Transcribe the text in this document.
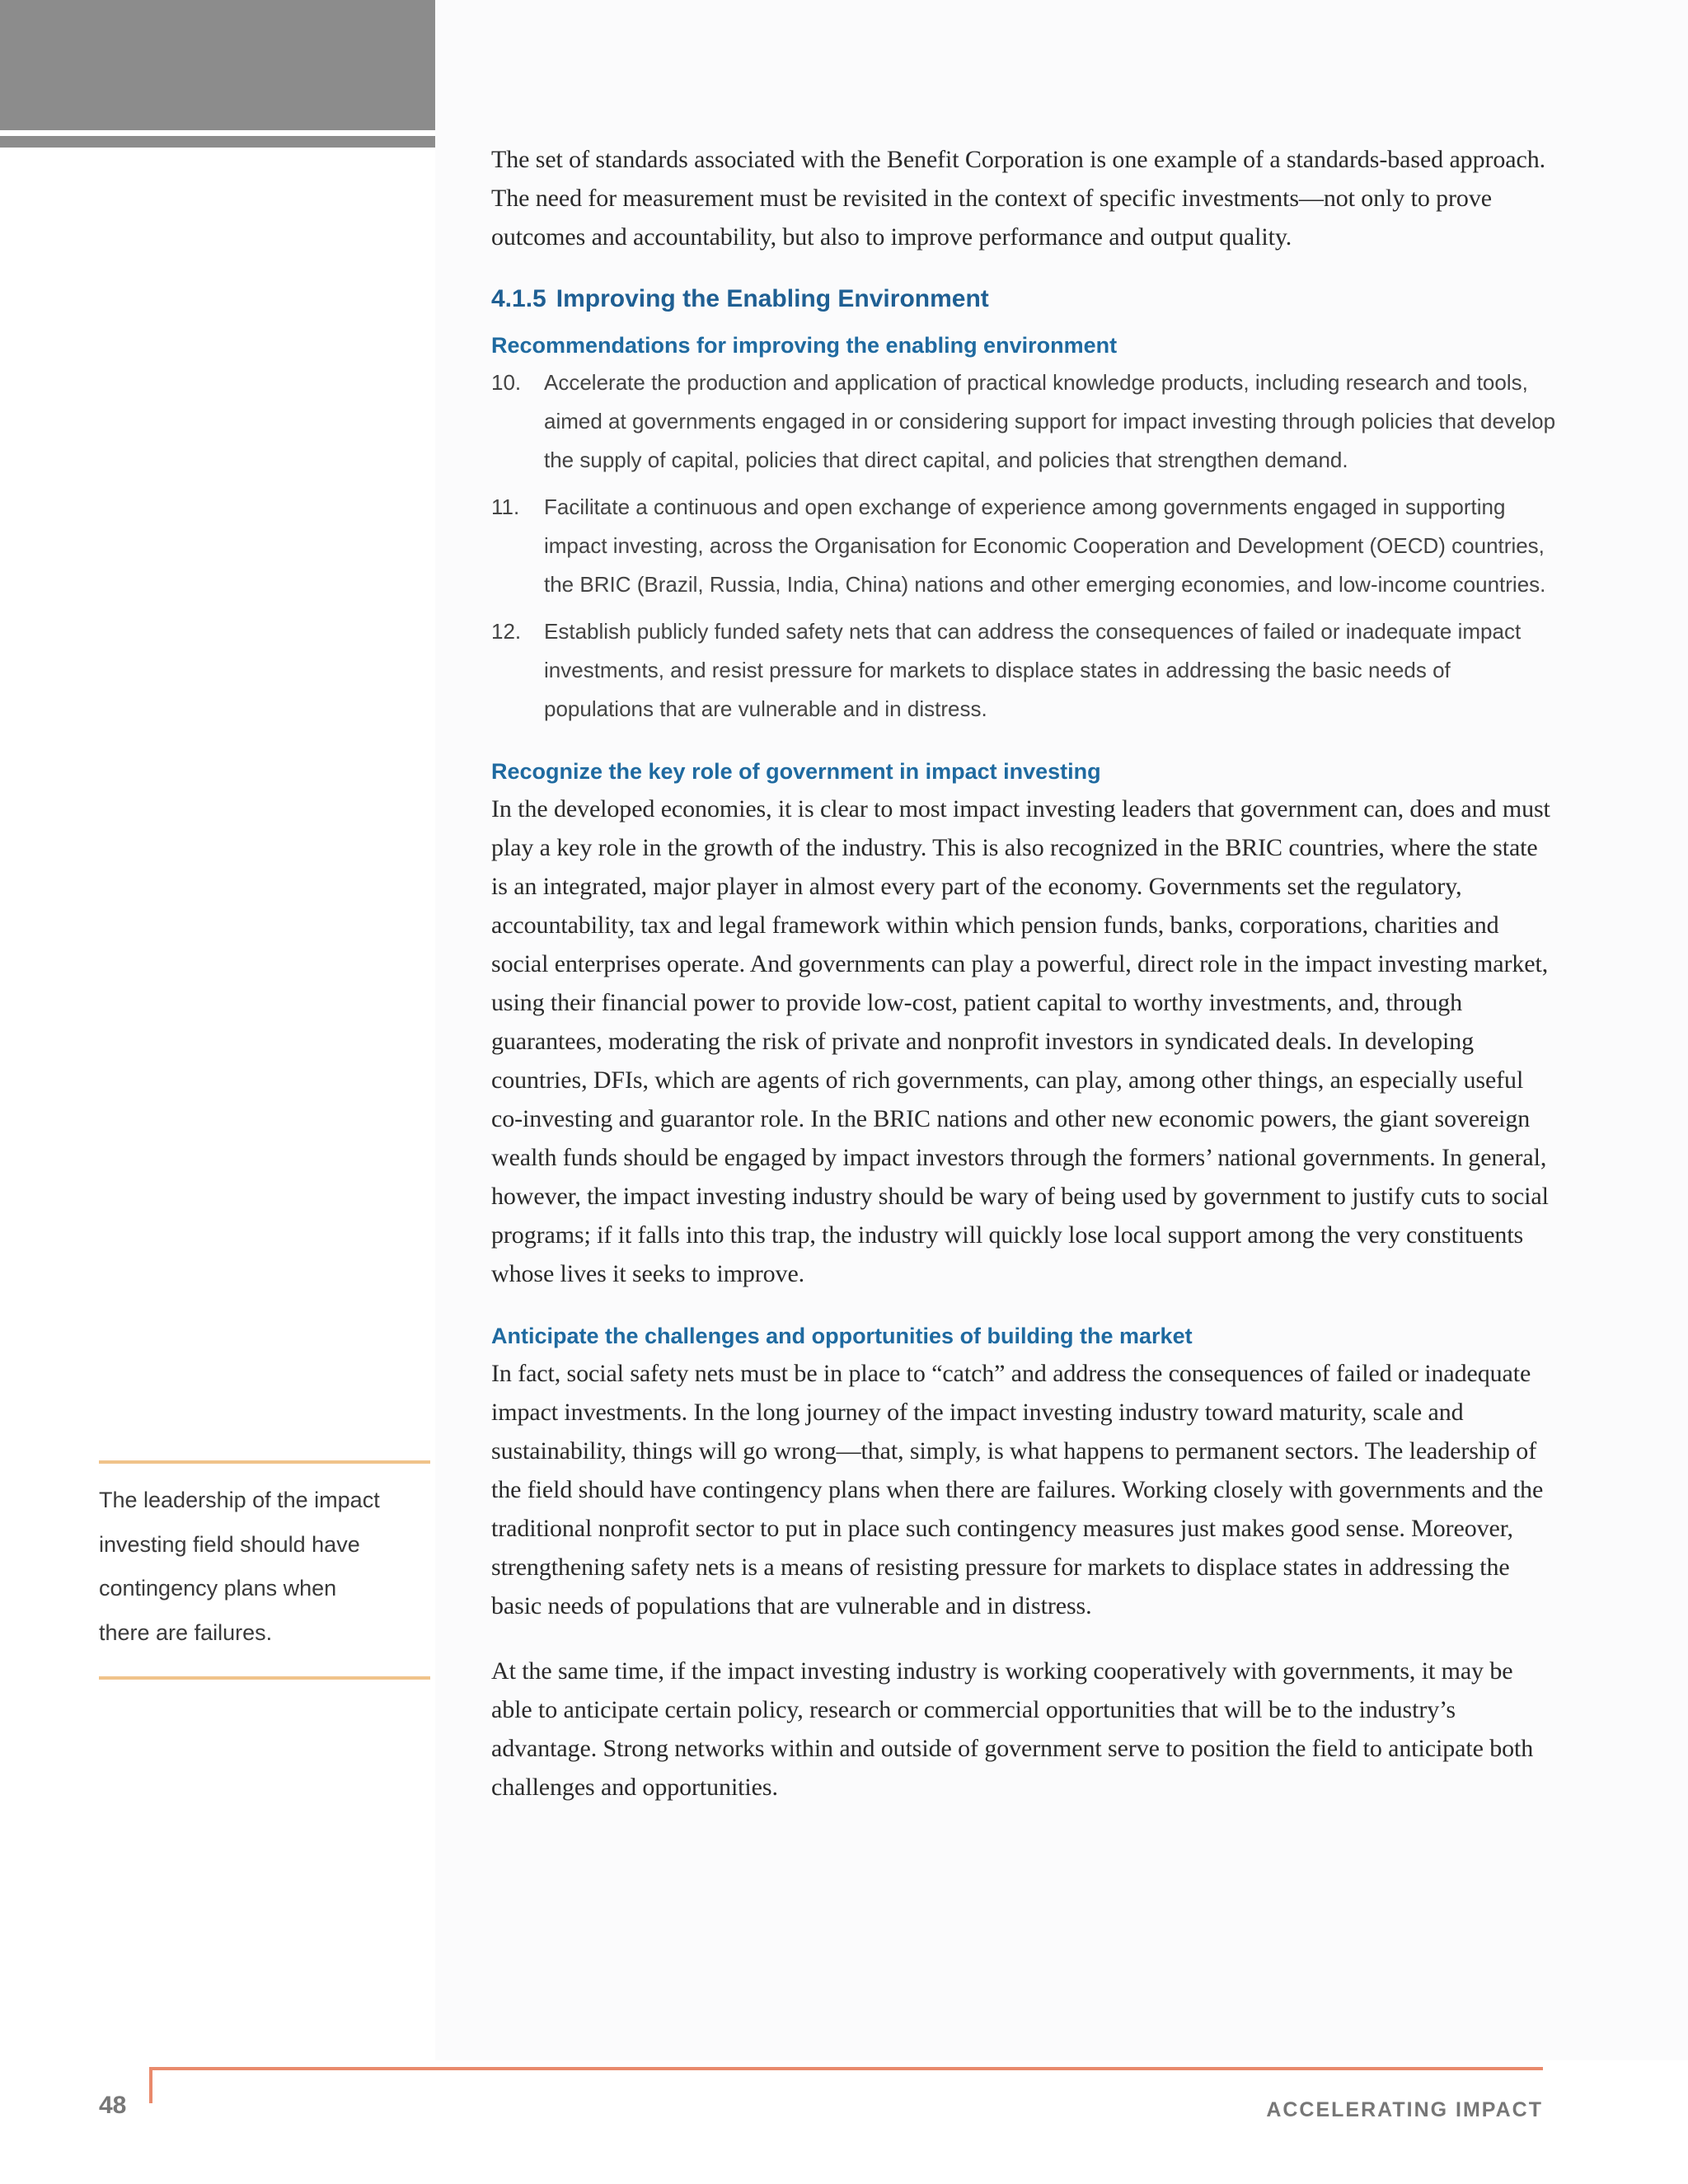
The set of standards associated with the Benefit Corporation is one example of a standards-based approach. The need for measurement must be revisited in the context of specific investments—not only to prove outcomes and accountability, but also to improve performance and output quality.

4.1.5 Improving the Enabling Environment
Recommendations for improving the enabling environment
10. Accelerate the production and application of practical knowledge products, including research and tools, aimed at governments engaged in or considering support for impact investing through policies that develop the supply of capital, policies that direct capital, and policies that strengthen demand.
11. Facilitate a continuous and open exchange of experience among governments engaged in supporting impact investing, across the Organisation for Economic Cooperation and Development (OECD) countries, the BRIC (Brazil, Russia, India, China) nations and other emerging economies, and low-income countries.
12. Establish publicly funded safety nets that can address the consequences of failed or inadequate impact investments, and resist pressure for markets to displace states in addressing the basic needs of populations that are vulnerable and in distress.
Recognize the key role of government in impact investing

In the developed economies, it is clear to most impact investing leaders that government can, does and must play a key role in the growth of the industry. This is also recognized in the BRIC countries, where the state is an integrated, major player in almost every part of the economy. Governments set the regulatory, accountability, tax and legal framework within which pension funds, banks, corporations, charities and social enterprises operate. And governments can play a powerful, direct role in the impact investing market, using their financial power to provide low-cost, patient capital to worthy investments, and, through guarantees, moderating the risk of private and nonprofit investors in syndicated deals. In developing countries, DFIs, which are agents of rich governments, can play, among other things, an especially useful co-investing and guarantor role. In the BRIC nations and other new economic powers, the giant sovereign wealth funds should be engaged by impact investors through the formers’ national governments. In general, however, the impact investing industry should be wary of being used by government to justify cuts to social programs; if it falls into this trap, the industry will quickly lose local support among the very constituents whose lives it seeks to improve.

Anticipate the challenges and opportunities of building the market

In fact, social safety nets must be in place to “catch” and address the consequences of failed or inadequate impact investments. In the long journey of the impact investing industry toward maturity, scale and sustainability, things will go wrong—that, simply, is what happens to permanent sectors. The leadership of the field should have contingency plans when there are failures. Working closely with governments and the traditional nonprofit sector to put in place such contingency measures just makes good sense. Moreover, strengthening safety nets is a means of resisting pressure for markets to displace states in addressing the basic needs of populations that are vulnerable and in distress.

At the same time, if the impact investing industry is working cooperatively with governments, it may be able to anticipate certain policy, research or commercial opportunities that will be to the industry’s advantage. Strong networks within and outside of government serve to position the field to anticipate both challenges and opportunities.

The leadership of the impact investing field should have contingency plans when there are failures.

48	ACCELERATING IMPACT
